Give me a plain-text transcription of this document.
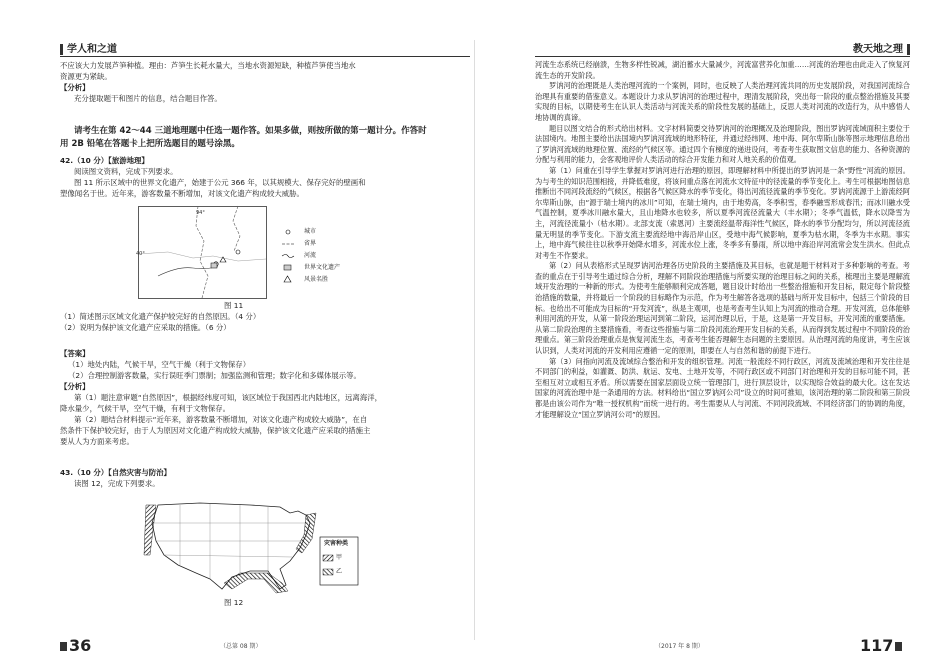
学人和之道
不应该大力发展芦笋种植。理由：芦笋生长耗水量大，当地水资源短缺，种植芦笋使当地水
资源更为紧缺。
【分析】
充分提取题干和图片的信息，结合题目作答。
请考生在第 42～44 三道地理题中任选一题作答。如果多做，则按所做的第一题计分。作答时
用 2B 铅笔在答题卡上把所选题目的题号涂黑。
42.（10 分）【旅游地理】
阅读图文资料，完成下列要求。
图 11 所示区域中的世界文化遗产，始建于公元 366 年，以其规模大、保存完好的壁画和
塑像闻名于世。近年来，游客数量不断增加，对该文化遗产构成较大威胁。
94°
40°
城市
省界
河流
世界文化遗产
风景名胜
图 11
（1）简述图示区域文化遗产保护较完好的自然原因。（4 分）
（2）说明为保护该文化遗产应采取的措施。（6 分）
【答案】
（1）地处内陆，气候干旱，空气干燥（利于文物保存）
（2）合理控制游客数量，实行误旺季门票制；加强监测和管理；数字化和多媒体展示等。
【分析】
第（1）题注意审题“自然原因”，根据经纬度可知，该区域位于我国西北内陆地区，远离海洋，
降水量少，气候干旱，空气干燥，有利于文物保存。
第（2）题结合材料提示“近年来，游客数量不断增加，对该文化遗产构成较大威胁”，在自
然条件下保护较完好，由于人为原因对文化遗产构成较大威胁，保护该文化遗产应采取的措施主
要从人为方面来考虑。
43.（10 分）【自然灾害与防治】
读图 12，完成下列要求。
灾害种类
甲
乙
图 12
36	（总第 08 期）
教天地之理
河流生态系统已经崩溃，生物多样性锐减，湖泊蓄水大量减少，河流富营养化加重……河流的治理也由此走入了恢复河流生态的开发阶段。
罗讷河的治理既是人类治理河流的一个案例，同时，也反映了人类治理河流共同的历史发展阶段，对我国河流综合治理具有重要的借鉴意义。本题设计力求从罗讷河的治理过程中，理清发展阶段，突出每一阶段的重点整治措施及其要实现的目标，以期使考生在认识人类活动与河流关系的阶段性发展的基础上，反思人类对河流的改造行为，从中感悟人地协调的真谛。
题目以图文结合的形式给出材料。文字材料简要交待罗讷河的治理概况及治理阶段，图出罗讷河流域面积主要位于法国境内。地图主要给出法国境内罗讷河流域的地形特征，并通过经纬网、地中海、阿尔卑斯山脉等图示地理信息给出了罗讷河流域的地理位置、流经的气候区等。通过四个有梯度的递进设问，考查考生获取图文信息的能力、各种资源的分配与利用的能力，会客观地评价人类活动的综合开发能力和对人地关系的价值观。
第（1）问重在引导学生掌握对罗讷河进行治理的原因，即理解材料中所提出的罗讷河是一条“野性”河流的原因。为与考生的知识范围相接，并降低难度，将该问重点落在河流水文特征中的径流量的季节变化上。考生可根据地图信息推断出不同河段流经的气候区，根据各气候区降水的季节变化，得出河流径流量的季节变化。罗讷河流源于上游流经阿尔卑斯山脉，由“源于瑞士境内的冰川”可知，在瑞士境内，由于地势高，冬季积雪，春季融雪形成春汛；而冰川融水受气温控制，夏季冰川融水量大，且山地降水也较多，所以夏季河流径流量大（丰水期）；冬季气温低，降水以降雪为主，河流径流量小（枯水期）。北部支流（索恩河）主要流经温带海洋性气候区，降水的季节分配均匀，所以河流径流量无明显的季节变化。下游支流主要流经地中海沿岸山区，受地中海气候影响，夏季为枯水期，冬季为丰水期。事实上，地中海气候往往以秋季开始降水增多，河流水位上涨，冬季多有暴雨，所以地中海沿岸河流常会发生洪水。但此点对考生不作要求。
第（2）问从表格形式呈现罗讷河治理各历史阶段的主要措施及其目标，也就是题干材料对于多种影响的考查。考查的重点在于引导考生通过综合分析，理解不同阶段治理措施与所要实现的治理目标之间的关系，梳理出主要是理解流域开发治理的一种新的形式。为使考生能够顺利完成答题，题目设计时给出一些整治措施和开发目标，限定每个阶段整治措施的数量，并将最后一个阶段的目标略作为示范，作为考生解答各选项的基础与所开发目标中，包括三个阶段的目标。也给出不可能成为目标的“开发河流”，纵是主观项，也是考查考生认知上为河流的推动合理。开发河流，总体能够利用河流的开发，从第一阶段治理运河到第二阶段，运河治理以后，于是，这是第一开发目标，开发河流的重要措施。从第二阶段治理的主要措施看，考查这些措施与第二阶段河流治理开发目标的关系，从而得到发展过程中不同阶段的治理重点。第三阶段治理重点是恢复河流生态，考查考生能否理解生态问题的主要原因。从治理河流的角度讲，考生应该认识到，人类对河流的开发利用应遵循一定的原则，即要在人与自然和谐的前提下进行。
第（3）问指向河流及流域综合整治和开发的组织管理。河流一般流经不同行政区，河流及流域治理和开发往往是不同部门的利益，如灌溉、防洪、航运、发电、土地开发等，不同行政区或不同部门对治理和开发的目标可能不同，甚至相互对立或相互矛盾。所以需要在国家层面设立统一管理部门，进行顶层设计，以实现综合效益的最大化。这在发达国家的河流治理中是一条通用的方法。材料给出“国立罗讷河公司”设立的时间可推知，该河治理的第二阶段和第三阶段都是由该公司作为“唯一授权机构”而统一进行的。考生需要从人与河流、不同河段流域、不同经济部门的协调的角度，才能理解设立“国立罗讷河公司”的原因。
（2017 年 8 期）	117
